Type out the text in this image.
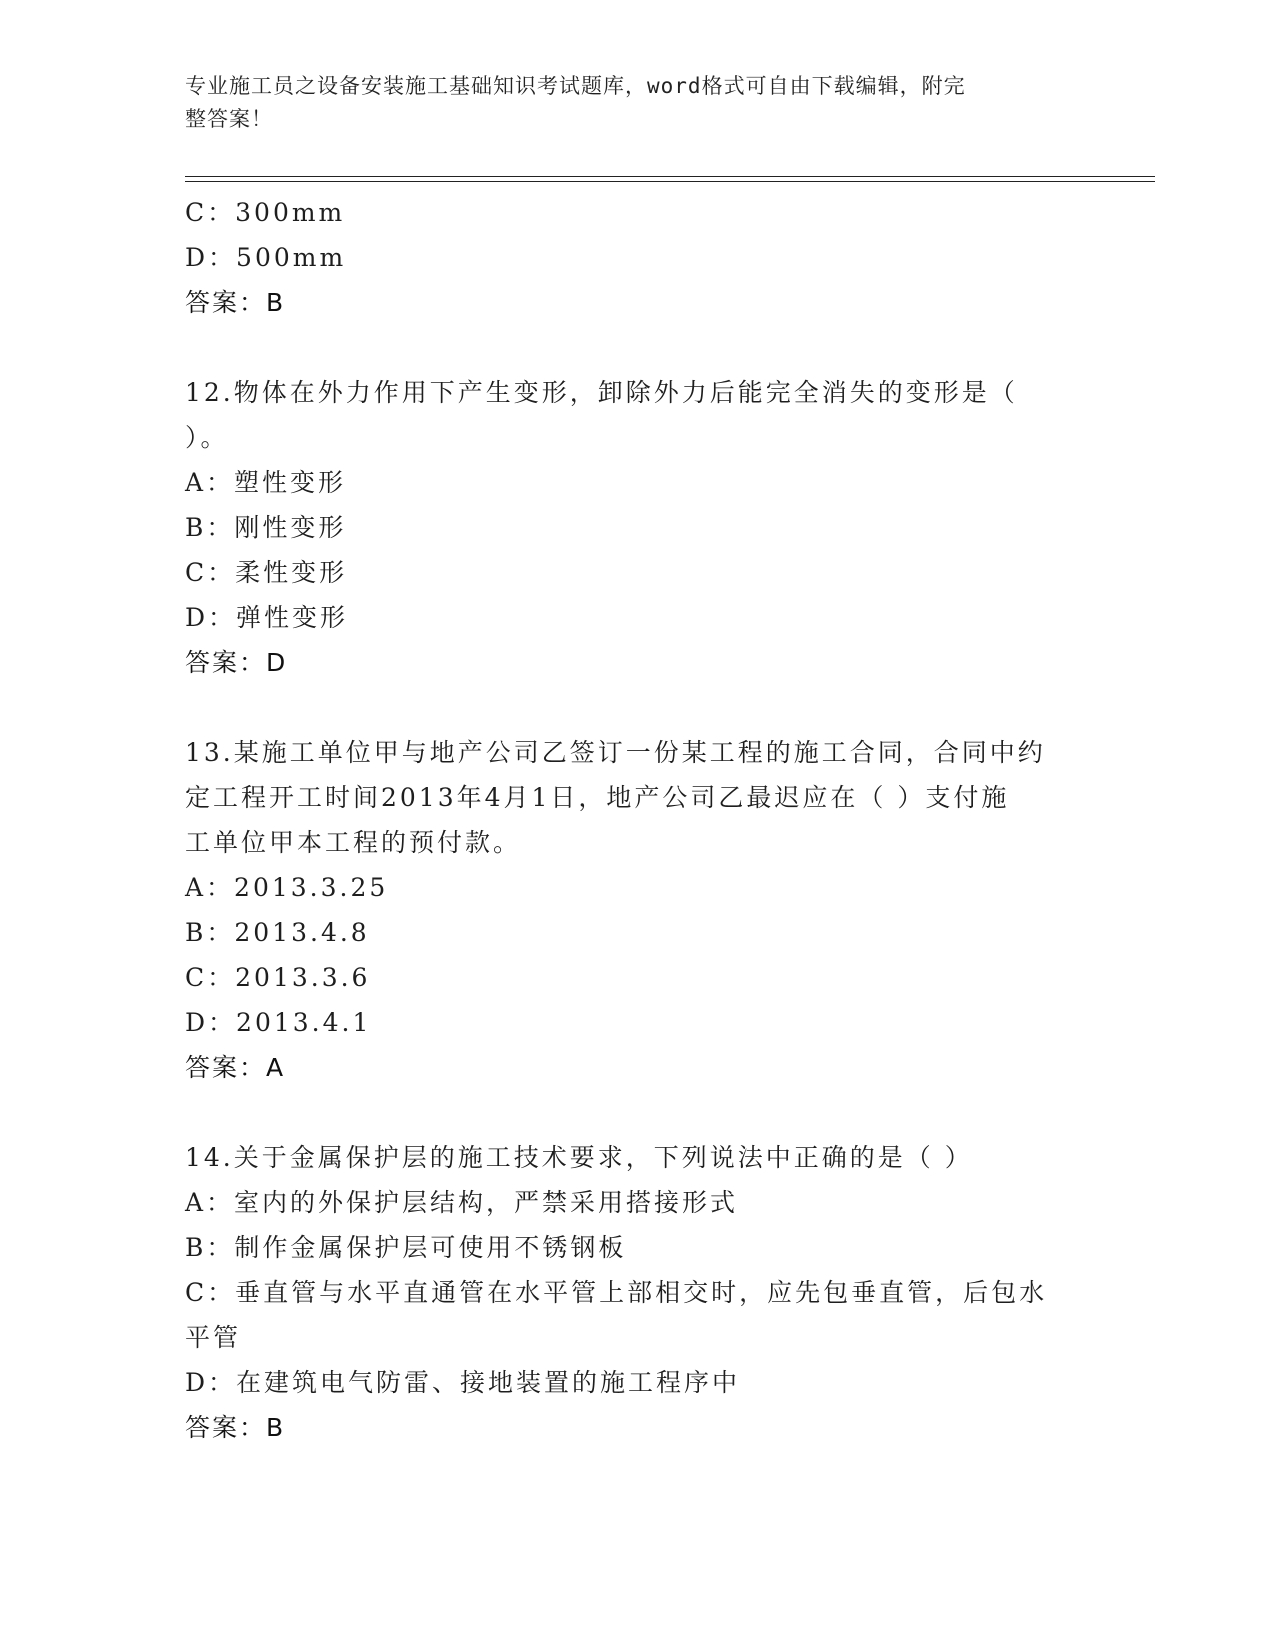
专业施工员之设备安装施工基础知识考试题库，word格式可自由下载编辑，附完
整答案！
C：300mm
D：500mm
答案：B
12.物体在外力作用下产生变形，卸除外力后能完全消失的变形是（
）。
A：塑性变形
B：刚性变形
C：柔性变形
D：弹性变形
答案：D
13.某施工单位甲与地产公司乙签订一份某工程的施工合同，合同中约
定工程开工时间2013年4月1日，地产公司乙最迟应在（ ）支付施
工单位甲本工程的预付款。
A：2013.3.25
B：2013.4.8
C：2013.3.6
D：2013.4.1
答案：A
14.关于金属保护层的施工技术要求，下列说法中正确的是（ ）
A：室内的外保护层结构，严禁采用搭接形式
B：制作金属保护层可使用不锈钢板
C：垂直管与水平直通管在水平管上部相交时，应先包垂直管，后包水
平管
D：在建筑电气防雷、接地装置的施工程序中
答案：B
